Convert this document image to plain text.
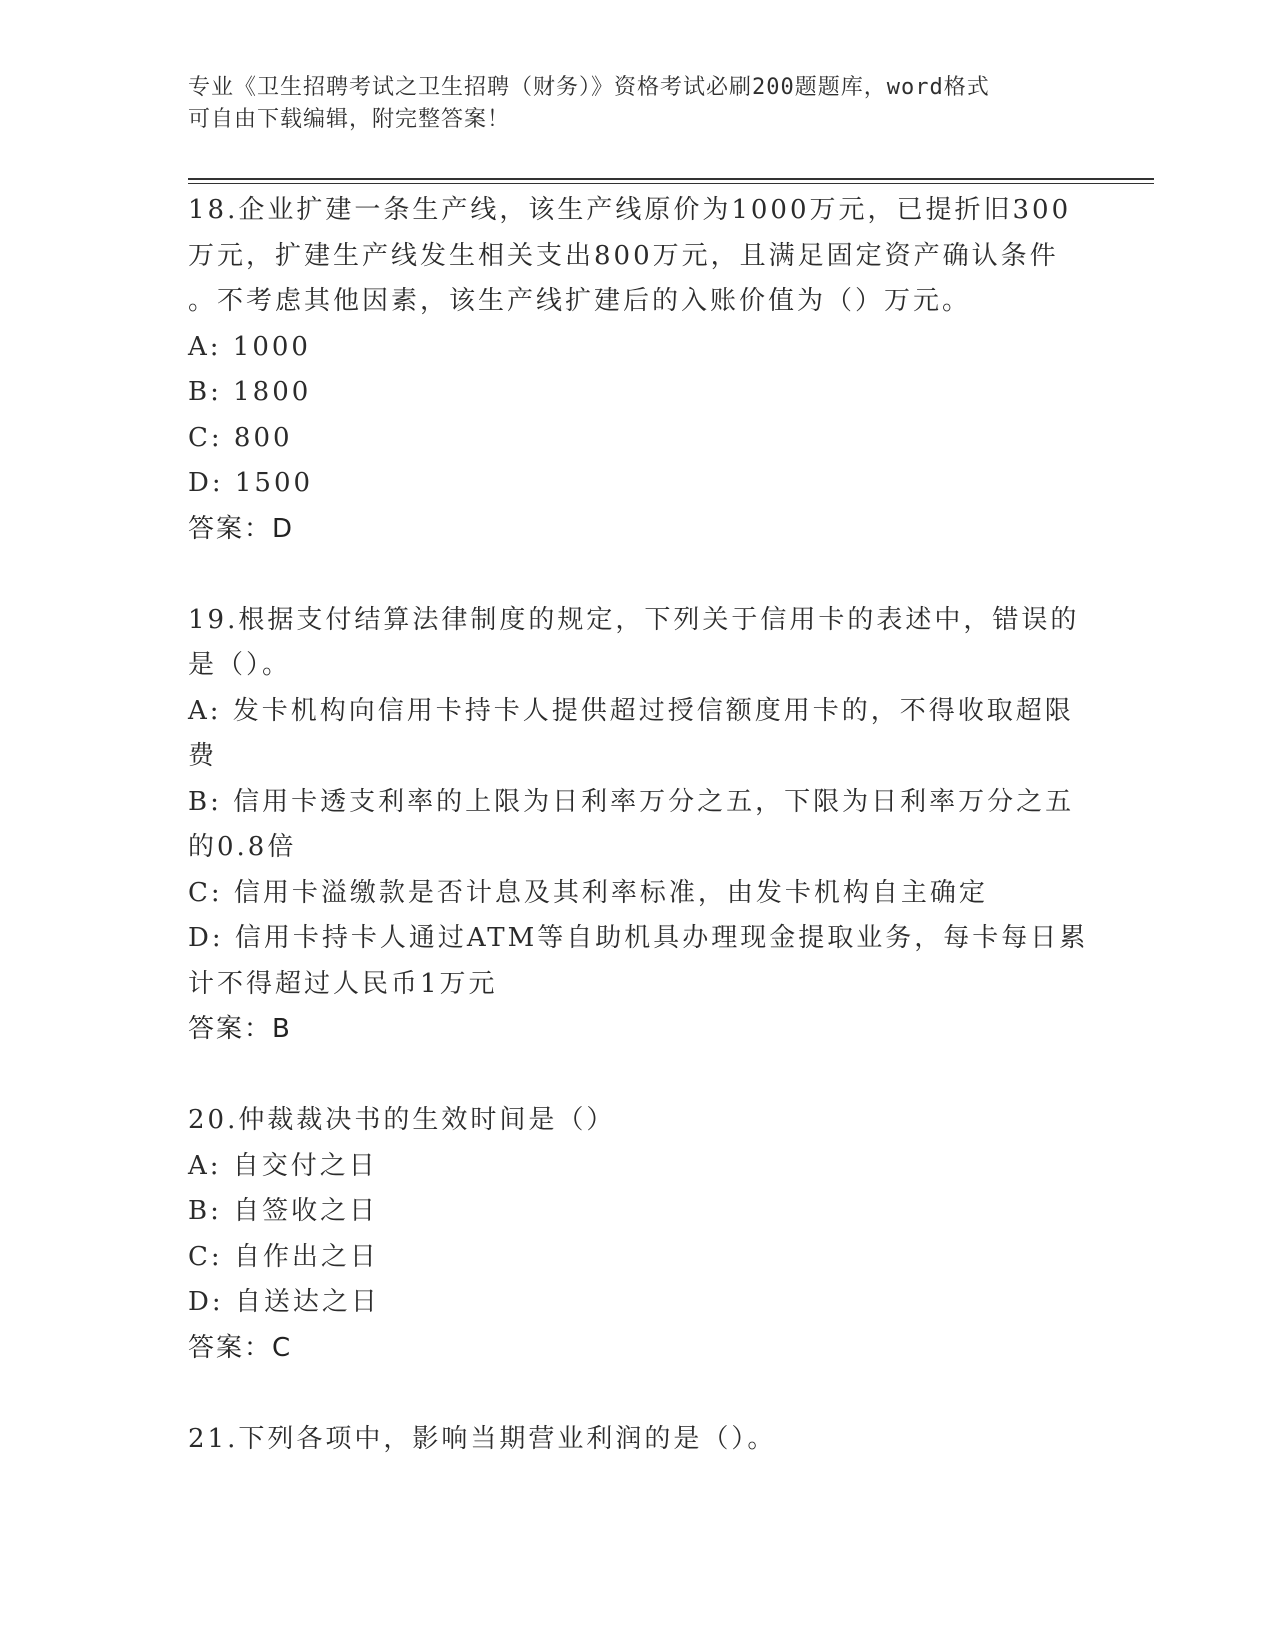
专业《卫生招聘考试之卫生招聘（财务）》资格考试必刷200题题库，word格式
可自由下载编辑，附完整答案！

18.企业扩建一条生产线，该生产线原价为1000万元，已提折旧300

万元，扩建生产线发生相关支出800万元，且满足固定资产确认条件

。不考虑其他因素，该生产线扩建后的入账价值为（）万元。

A: 1000

B: 1800

C: 800

D: 1500

答案：D

19.根据支付结算法律制度的规定，下列关于信用卡的表述中，错误的

是（）。

A: 发卡机构向信用卡持卡人提供超过授信额度用卡的，不得收取超限

费

B: 信用卡透支利率的上限为日利率万分之五，下限为日利率万分之五

的0.8倍

C: 信用卡溢缴款是否计息及其利率标准，由发卡机构自主确定

D: 信用卡持卡人通过ATM等自助机具办理现金提取业务，每卡每日累

计不得超过人民币1万元

答案：B

20.仲裁裁决书的生效时间是（）

A: 自交付之日

B: 自签收之日

C: 自作出之日

D: 自送达之日

答案：C

21.下列各项中，影响当期营业利润的是（）。
